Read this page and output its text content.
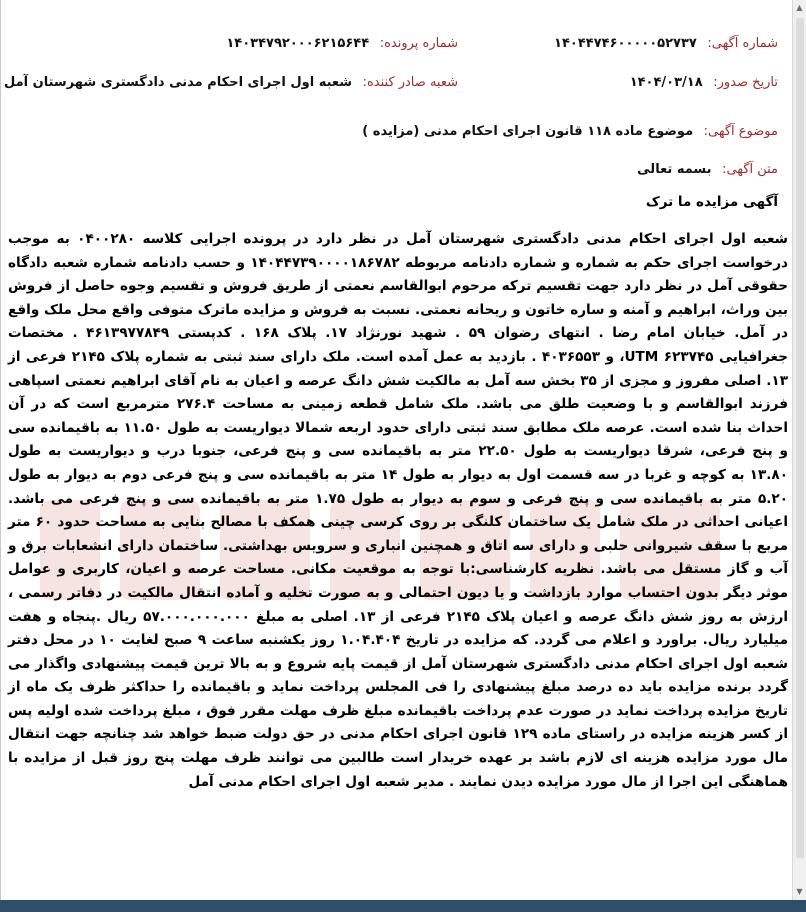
شماره آگهی: ۱۴۰۴۴۷۴۶۰۰۰۰۰۵۲۷۳۷
شماره پرونده: ۱۴۰۳۴۷۹۲۰۰۰۶۲۱۵۶۴۴
تاریخ صدور: ۱۴۰۴/۰۳/۱۸
شعبه صادر کننده: شعبه اول اجرای احکام مدنی دادگستری شهرستان آمل
موضوع آگهی: موضوع ماده ۱۱۸ قانون اجرای احکام مدنی (مزایده )
متن آگهی: بسمه تعالی
آگهی مزایده ما ترک
شعبه اول اجرای احکام مدنی دادگستری شهرستان آمل در نظر دارد در پرونده اجرایی کلاسه ۰۴۰۰۲۸۰ به موجب درخواست اجرای حکم به شماره و شماره دادنامه مربوطه ۱۴۰۴۴۷۳۹۰۰۰۰۱۸۶۷۸۲ و حسب دادنامه شماره شعبه دادگاه حقوقی آمل در نظر دارد جهت تقسیم ترکه مرحوم ابوالقاسم نعمتی از طریق فروش و تقسیم وجوه حاصل از فروش بین وراث، ابراهیم و آمنه و ساره خاتون و ریحانه نعمتی. نسبت به فروش و مزایده ماترک متوفی واقع محل ملک واقع در آمل. خیابان امام رضا . انتهای رضوان ۵۹ . شهید نورنژاد ۱۷. پلاک ۱۶۸ . کدپستی ۴۶۱۳۹۷۷۸۴۹ . مختصات جغرافیایی UTM ۶۲۳۷۴۵، و ۴۰۳۶۵۵۳ . بازدید به عمل آمده است. ملک دارای سند ثبتی به شماره پلاک ۲۱۴۵ فرعی از ۱۳. اصلی مفروز و مجزی از ۳۵ بخش سه آمل به مالکیت شش دانگ عرصه و اعیان به نام آقای ابراهیم نعمتی اسپاهی فرزند ابوالقاسم و با وضعیت طلق می باشد. ملک شامل قطعه زمینی به مساحت ۲۷۶.۴ مترمربع است که در آن احداث بنا شده است. عرصه ملک مطابق سند ثبتی دارای حدود اربعه شمالا دیواریست به طول ۱۱.۵۰ به باقیمانده سی و پنج فرعی، شرقا دیواریست به طول ۲۲.۵۰ متر به باقیمانده سی و پنج فرعی، جنوبا درب و دیواریست به طول ۱۳.۸۰ به کوچه و غربا در سه قسمت اول به دیوار به طول ۱۴ متر به باقیمانده سی و پنج فرعی دوم به دیوار به طول ۵.۲۰ متر به باقیمانده سی و پنج فرعی و سوم به دیوار به طول ۱.۷۵ متر به باقیمانده سی و پنج فرعی می باشد. اعیانی احداثی در ملک شامل یک ساختمان کلنگی بر روی کرسی چینی همکف با مصالح بنایی به مساحت حدود ۶۰ متر مربع با سقف شیروانی حلبی و دارای سه اتاق و همچنین انباری و سرویس بهداشتی. ساختمان دارای انشعابات برق و آب و گاز مستقل می باشد. نظریه کارشناسی:با توجه به موقعیت مکانی. مساحت عرصه و اعیان، کاربری و عوامل موثر دیگر بدون احتساب موارد بازداشت و یا دیون احتمالی و به صورت تخلیه و آماده انتقال مالکیت در دفاتر رسمی ، ارزش به روز شش دانگ عرصه و اعیان پلاک ۲۱۴۵ فرعی از ۱۳. اصلی به مبلغ ۵۷.۰۰۰.۰۰۰.۰۰۰ ریال .پنجاه و هفت میلیارد ریال. براورد و اعلام می گردد. که مزایده در تاریخ ۱.۰۴.۴۰۴ روز یکشنبه ساعت ۹ صبح لغایت ۱۰ در محل دفتر شعبه اول اجرای احکام مدنی دادگستری شهرستان آمل از قیمت پایه شروع و به بالا ترین قیمت پیشنهادی واگذار می گردد برنده مزایده باید ده درصد مبلغ پیشنهادی را فی المجلس پرداخت نماید و باقیمانده را حداکثر ظرف یک ماه از تاریخ مزایده پرداخت نماید در صورت عدم پرداخت باقیمانده مبلغ ظرف مهلت مقرر فوق ، مبلغ پرداخت شده اولیه پس از کسر هزینه مزایده در راستای ماده ۱۲۹ قانون اجرای احکام مدنی در حق دولت ضبط خواهد شد چنانچه جهت انتقال مال مورد مزایده هزینه ای لازم باشد بر عهده خریدار است طالبین می توانند ظرف مهلت پنج روز قبل از مزایده با هماهنگی این اجرا از مال مورد مزایده دیدن نمایند . مدیر شعبه اول اجرای احکام مدنی آمل
▲
▼
